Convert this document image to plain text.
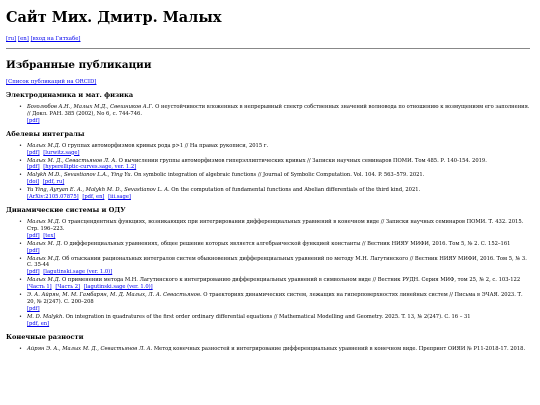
Сайт Мих. Дмитр. Малых
[ru] [en] [вход на Гитхабе]
Избранные публикации
[Список публикаций на ORCID]
Электродинамика и мат. физика
• Боголюбов А.Н., Малых М.Д., Свешников А.Г. О неустойчивости вложенных в непрерывный спектр собственных значений волновода по отношению к возмущениям его заполнения. // Докл. РАН. 385 (2002), No 6, с. 744-746.
[pdf]
Абелевы интегралы
• Малых М.Д. О группах автоморфизмов кривых рода p>1 // На правах рукописи, 2015 г.
[pdf] [lurwitz.sage]
• Малых М. Д., Севастьянов Л. А. О вычислении группы автоморфизмов гиперэллиптических кривых // Записки научных семинаров ПОМИ. Том 485. Р. 140-154. 2019.
[pdf] [hyperelliptic-curves.sage, ver. 1.2]
• Malykh M.D., Sevastianov L.A., Ying Yu. On symbolic integration of algebraic functions // Journal of Symbolic Computation. Vol. 104. P. 563–579. 2021.
[doi] [pdf, ru]
• Yu Ying, Ayryan E. A., Malykh M. D., Sevastianov L. A. On the computation of fundamental functions and Abelian differentials of the third kind, 2021.
[ArXiv:2105.07875] [pdf, en] [iii.sage]
Динамические системы и ОДУ
• Малых М.Д. О трансцендентных функциях, возникающих при интегрировании дифференциальных уравнений в конечном виде // Записки научных семинаров ПОМИ. Т. 432. 2015. Стр. 196–223.
[pdf] [tex]
• Малых М. Д. О дифференциальных уравнениях, общее решение которых является алгебраической функцией константы // Вестник НИЯУ МИФИ, 2016. Том 5, № 2. С. 152–161
[pdf]
• Малых М.Д. Об отыскании рациональных интегралов систем обыкновенных дифференциальных уравнений по методу М.Н. Лагутинского // Вестник НИЯУ МИФИ, 2016. Том 5, № 3. С. 35-44
[pdf] [lagutinski.sage (ver. 1.0)]
• Малых М.Д. О применении метода М.Н. Лагутинского к интегрированию дифференциальных уравнений в символьном виде // Вестник РУДН. Серия МИФ, том 25, № 2, с. 103-122
[Часть 1] [Часть 2] [lagutinski.sage (ver. 1.0)]
• Э. А. Айрян, М. М. Гамбарян, М. Д. Малых, Л. А. Севастьянов. О траекториях динамических систем, лежащих на гиперповерхностях линейных систем // Письма в ЭЧАЯ. 2023. Т. 20, № 2(247). С. 200–208
[pdf]
• M. D. Malykh. On integration in quadratures of the first order ordinary differential equations // Mathematical Modelling and Geometry. 2025. T. 13, № 2(247). C. 16 – 31
[pdf, en]
Конечные разности
• Айрян Э. А., Малых М. Д., Севастьянов Л. А. Метод конечных разностей и интегрирование дифференциальных уравнений в конечном виде. Препринт ОИЯИ № Р11-2018-17. 2018.
